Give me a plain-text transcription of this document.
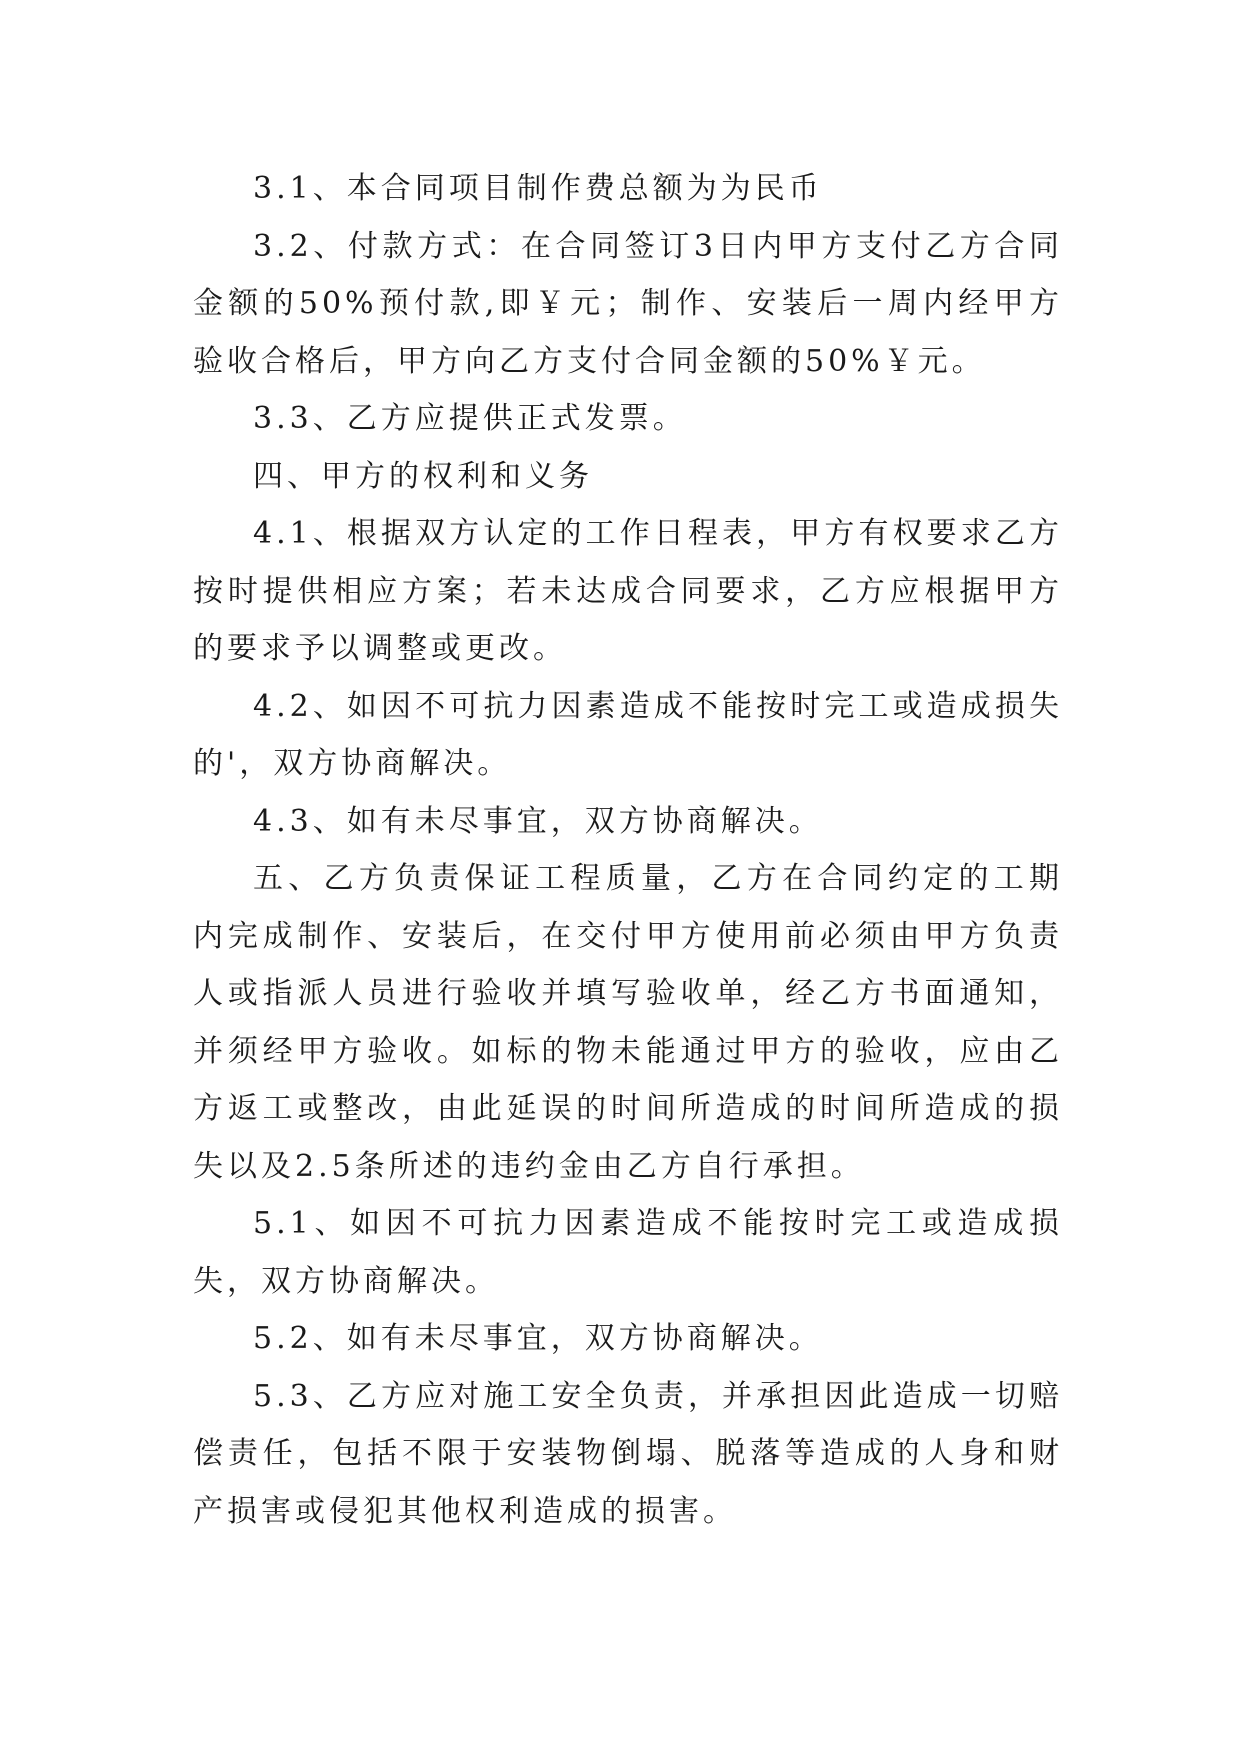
3.1、本合同项目制作费总额为为民币

3.2、付款方式：在合同签订3日内甲方支付乙方合同金额的50%预付款,即￥元；制作、安装后一周内经甲方验收合格后，甲方向乙方支付合同金额的50%￥元。

3.3、乙方应提供正式发票。

四、甲方的权利和义务

4.1、根据双方认定的工作日程表，甲方有权要求乙方按时提供相应方案；若未达成合同要求，乙方应根据甲方的要求予以调整或更改。

4.2、如因不可抗力因素造成不能按时完工或造成损失的'，双方协商解决。

4.3、如有未尽事宜，双方协商解决。

五、乙方负责保证工程质量，乙方在合同约定的工期内完成制作、安装后，在交付甲方使用前必须由甲方负责人或指派人员进行验收并填写验收单，经乙方书面通知，并须经甲方验收。如标的物未能通过甲方的验收，应由乙方返工或整改，由此延误的时间所造成的时间所造成的损失以及2.5条所述的违约金由乙方自行承担。

5.1、如因不可抗力因素造成不能按时完工或造成损失，双方协商解决。

5.2、如有未尽事宜，双方协商解决。

5.3、乙方应对施工安全负责，并承担因此造成一切赔偿责任，包括不限于安装物倒塌、脱落等造成的人身和财产损害或侵犯其他权利造成的损害。
